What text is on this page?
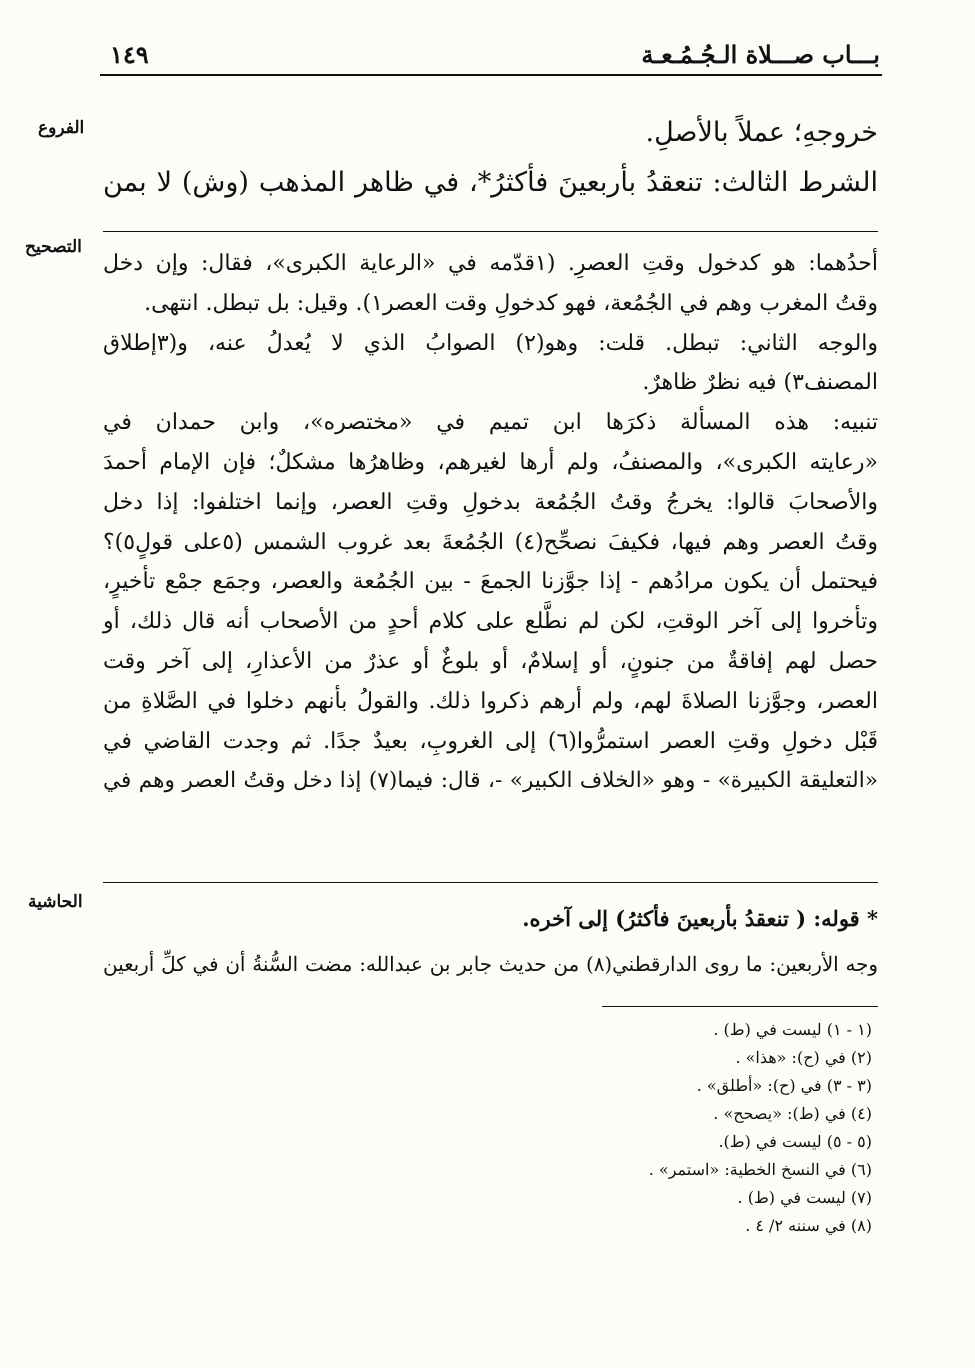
بـــاب صـــلاة الـجُـمُـعـة
١٤٩
الفروع
التصحيح
الحاشية
خروجهِ؛ عملاً بالأصلِ.
الشرط الثالث: تنعقدُ بأربعينَ فأكثرُ*، في ظاهر المذهب (وش) لا بمن
أحدُهما: هو كدخول وقتِ العصرِ. (١قدّمه في «الرعاية الكبرى»، فقال: وإن دخل
وقتُ المغرب وهم في الجُمُعة، فهو كدخولِ وقت العصر١). وقيل: بل تبطل. انتهى.
والوجه الثاني: تبطل. قلت: وهو(٢) الصوابُ الذي لا يُعدلُ عنه، و(٣إطلاق
المصنف٣) فيه نظرٌ ظاهرٌ.
تنبيه: هذه المسألة ذكرَها ابن تميم في «مختصره»، وابن حمدان في
«رعايته الكبرى»، والمصنفُ، ولم أرها لغيرهم، وظاهرُها مشكلٌ؛ فإن الإمام أحمدَ
والأصحابَ قالوا: يخرجُ وقتُ الجُمُعة بدخولِ وقتِ العصر، وإنما اختلفوا: إذا دخل
وقتُ العصر وهم فيها، فكيفَ نصحِّح(٤) الجُمُعةَ بعد غروب الشمس (٥على قولٍ٥)؟
فيحتمل أن يكون مرادُهم - إذا جوَّزنا الجمعَ - بين الجُمُعة والعصر، وجمَع جمْع تأخيرٍ،
وتأخروا إلى آخر الوقتِ، لكن لم نطَّلع على كلام أحدٍ من الأصحاب أنه قال ذلك، أو
حصل لهم إفاقةٌ من جنونٍ، أو إسلامٌ، أو بلوغٌ أو عذرٌ من الأعذارِ، إلى آخر وقت
العصر، وجوَّزنا الصلاةَ لهم، ولم أرهم ذكروا ذلك. والقولُ بأنهم دخلوا في الصَّلاةِ من
قَبْل دخولِ وقتِ العصر استمرُّوا(٦) إلى الغروبِ، بعيدٌ جدًا. ثم وجدت القاضي في
«التعليقة الكبيرة» - وهو «الخلاف الكبير» -، قال: فيما(٧) إذا دخل وقتُ العصر وهم في
* قوله: ( تنعقدُ بأربعينَ فأكثرُ) إلى آخره.
وجه الأربعين: ما روى الدارقطني(٨) من حديث جابر بن عبدالله: مضت السُّنةُ أن في كلِّ أربعين
(١ - ١) ليست في (ط) .
(٢) في (ح): «هذا» .
(٣ - ٣) في (ح): «أطلق» .
(٤) في (ط): «يصحح» .
(٥ - ٥) ليست في (ط).
(٦) في النسخ الخطية: «استمر» .
(٧) ليست في (ط) .
(٨) في سننه ٢/ ٤ .
